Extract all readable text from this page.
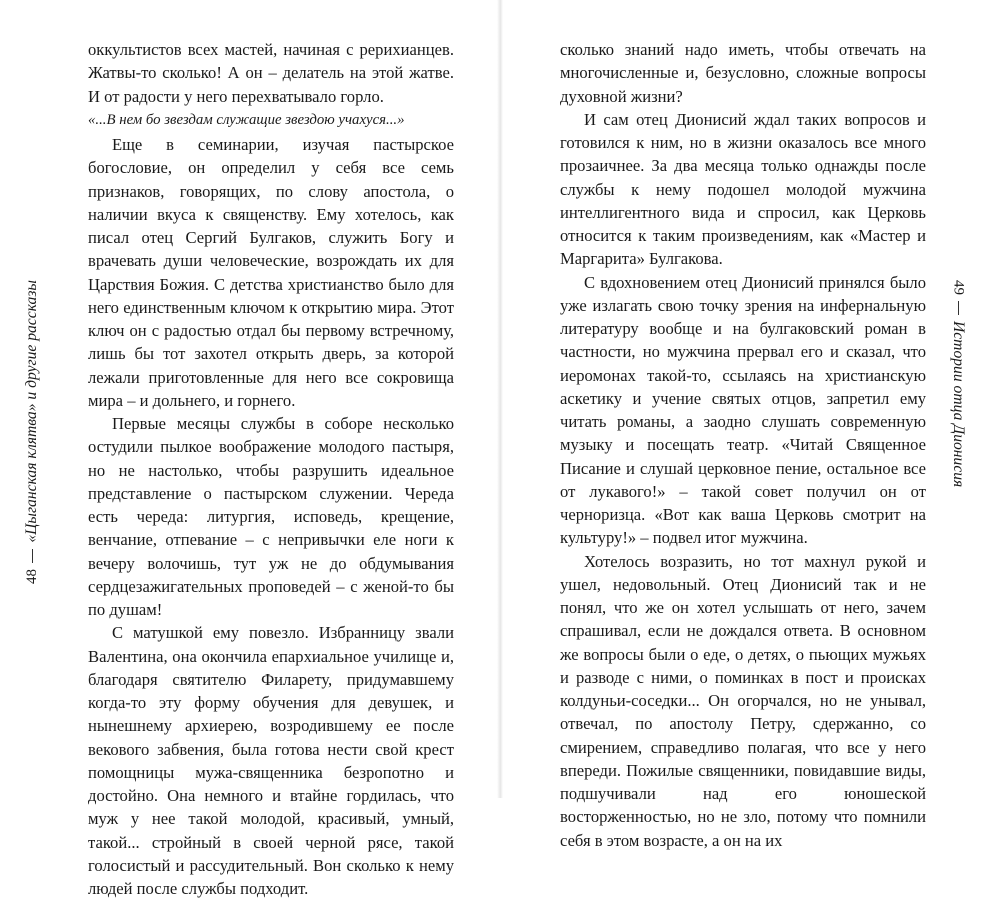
оккультистов всех мастей, начиная с рерихианцев. Жатвы-то сколько! А он – делатель на этой жатве. И от радости у него перехватывало горло.

«...В нем бо звездам служащие звездою учахуся...»

Еще в семинарии, изучая пастырское богословие, он определил у себя все семь признаков, говорящих, по слову апостола, о наличии вкуса к священству. Ему хотелось, как писал отец Сергий Булгаков, служить Богу и врачевать души человеческие, возрождать их для Царствия Божия. С детства христианство было для него единственным ключом к открытию мира. Этот ключ он с радостью отдал бы первому встречному, лишь бы тот захотел открыть дверь, за которой лежали приготовленные для него все сокровища мира – и дольнего, и горнего.

Первые месяцы службы в соборе несколько остудили пылкое воображение молодого пастыря, но не настолько, чтобы разрушить идеальное представление о пастырском служении. Череда есть череда: литургия, исповедь, крещение, венчание, отпевание – с непривычки еле ноги к вечеру волочишь, тут уж не до обдумывания сердцезажигательных проповедей – с женой-то бы по душам!

С матушкой ему повезло. Избранницу звали Валентина, она окончила епархиальное училище и, благодаря святителю Филарету, придумавшему когда-то эту форму обучения для девушек, и нынешнему архиерею, возродившему ее после векового забвения, была готова нести свой крест помощницы мужа-священника безропотно и достойно. Она немного и втайне гордилась, что муж у нее такой молодой, красивый, умный, такой... стройный в своей черной рясе, такой голосистый и рассудительный. Вон сколько к нему людей после службы подходит.

«Цыганская клятва» и другие рассказы
48

сколько знаний надо иметь, чтобы отвечать на многочисленные и, безусловно, сложные вопросы духовной жизни?

И сам отец Дионисий ждал таких вопросов и готовился к ним, но в жизни оказалось все много прозаичнее. За два месяца только однажды после службы к нему подошел молодой мужчина интеллигентного вида и спросил, как Церковь относится к таким произведениям, как «Мастер и Маргарита» Булгакова.

С вдохновением отец Дионисий принялся было уже излагать свою точку зрения на инфернальную литературу вообще и на булгаковский роман в частности, но мужчина прервал его и сказал, что иеромонах такой-то, ссылаясь на христианскую аскетику и учение святых отцов, запретил ему читать романы, а заодно слушать современную музыку и посещать театр. «Читай Священное Писание и слушай церковное пение, остальное все от лукавого!» – такой совет получил он от черноризца. «Вот как ваша Церковь смотрит на культуру!» – подвел итог мужчина.

Хотелось возразить, но тот махнул рукой и ушел, недовольный. Отец Дионисий так и не понял, что же он хотел услышать от него, зачем спрашивал, если не дождался ответа. В основном же вопросы были о еде, о детях, о пьющих мужьях и разводе с ними, о поминках в пост и происках колдуньи-соседки... Он огорчался, но не унывал, отвечал, по апостолу Петру, сдержанно, со смирением, справедливо полагая, что все у него впереди. Пожилые священники, повидавшие виды, подшучивали над его юношеской восторженностью, но не зло, потому что помнили себя в этом возрасте, а он на их

49
Истории отца Дионисия
